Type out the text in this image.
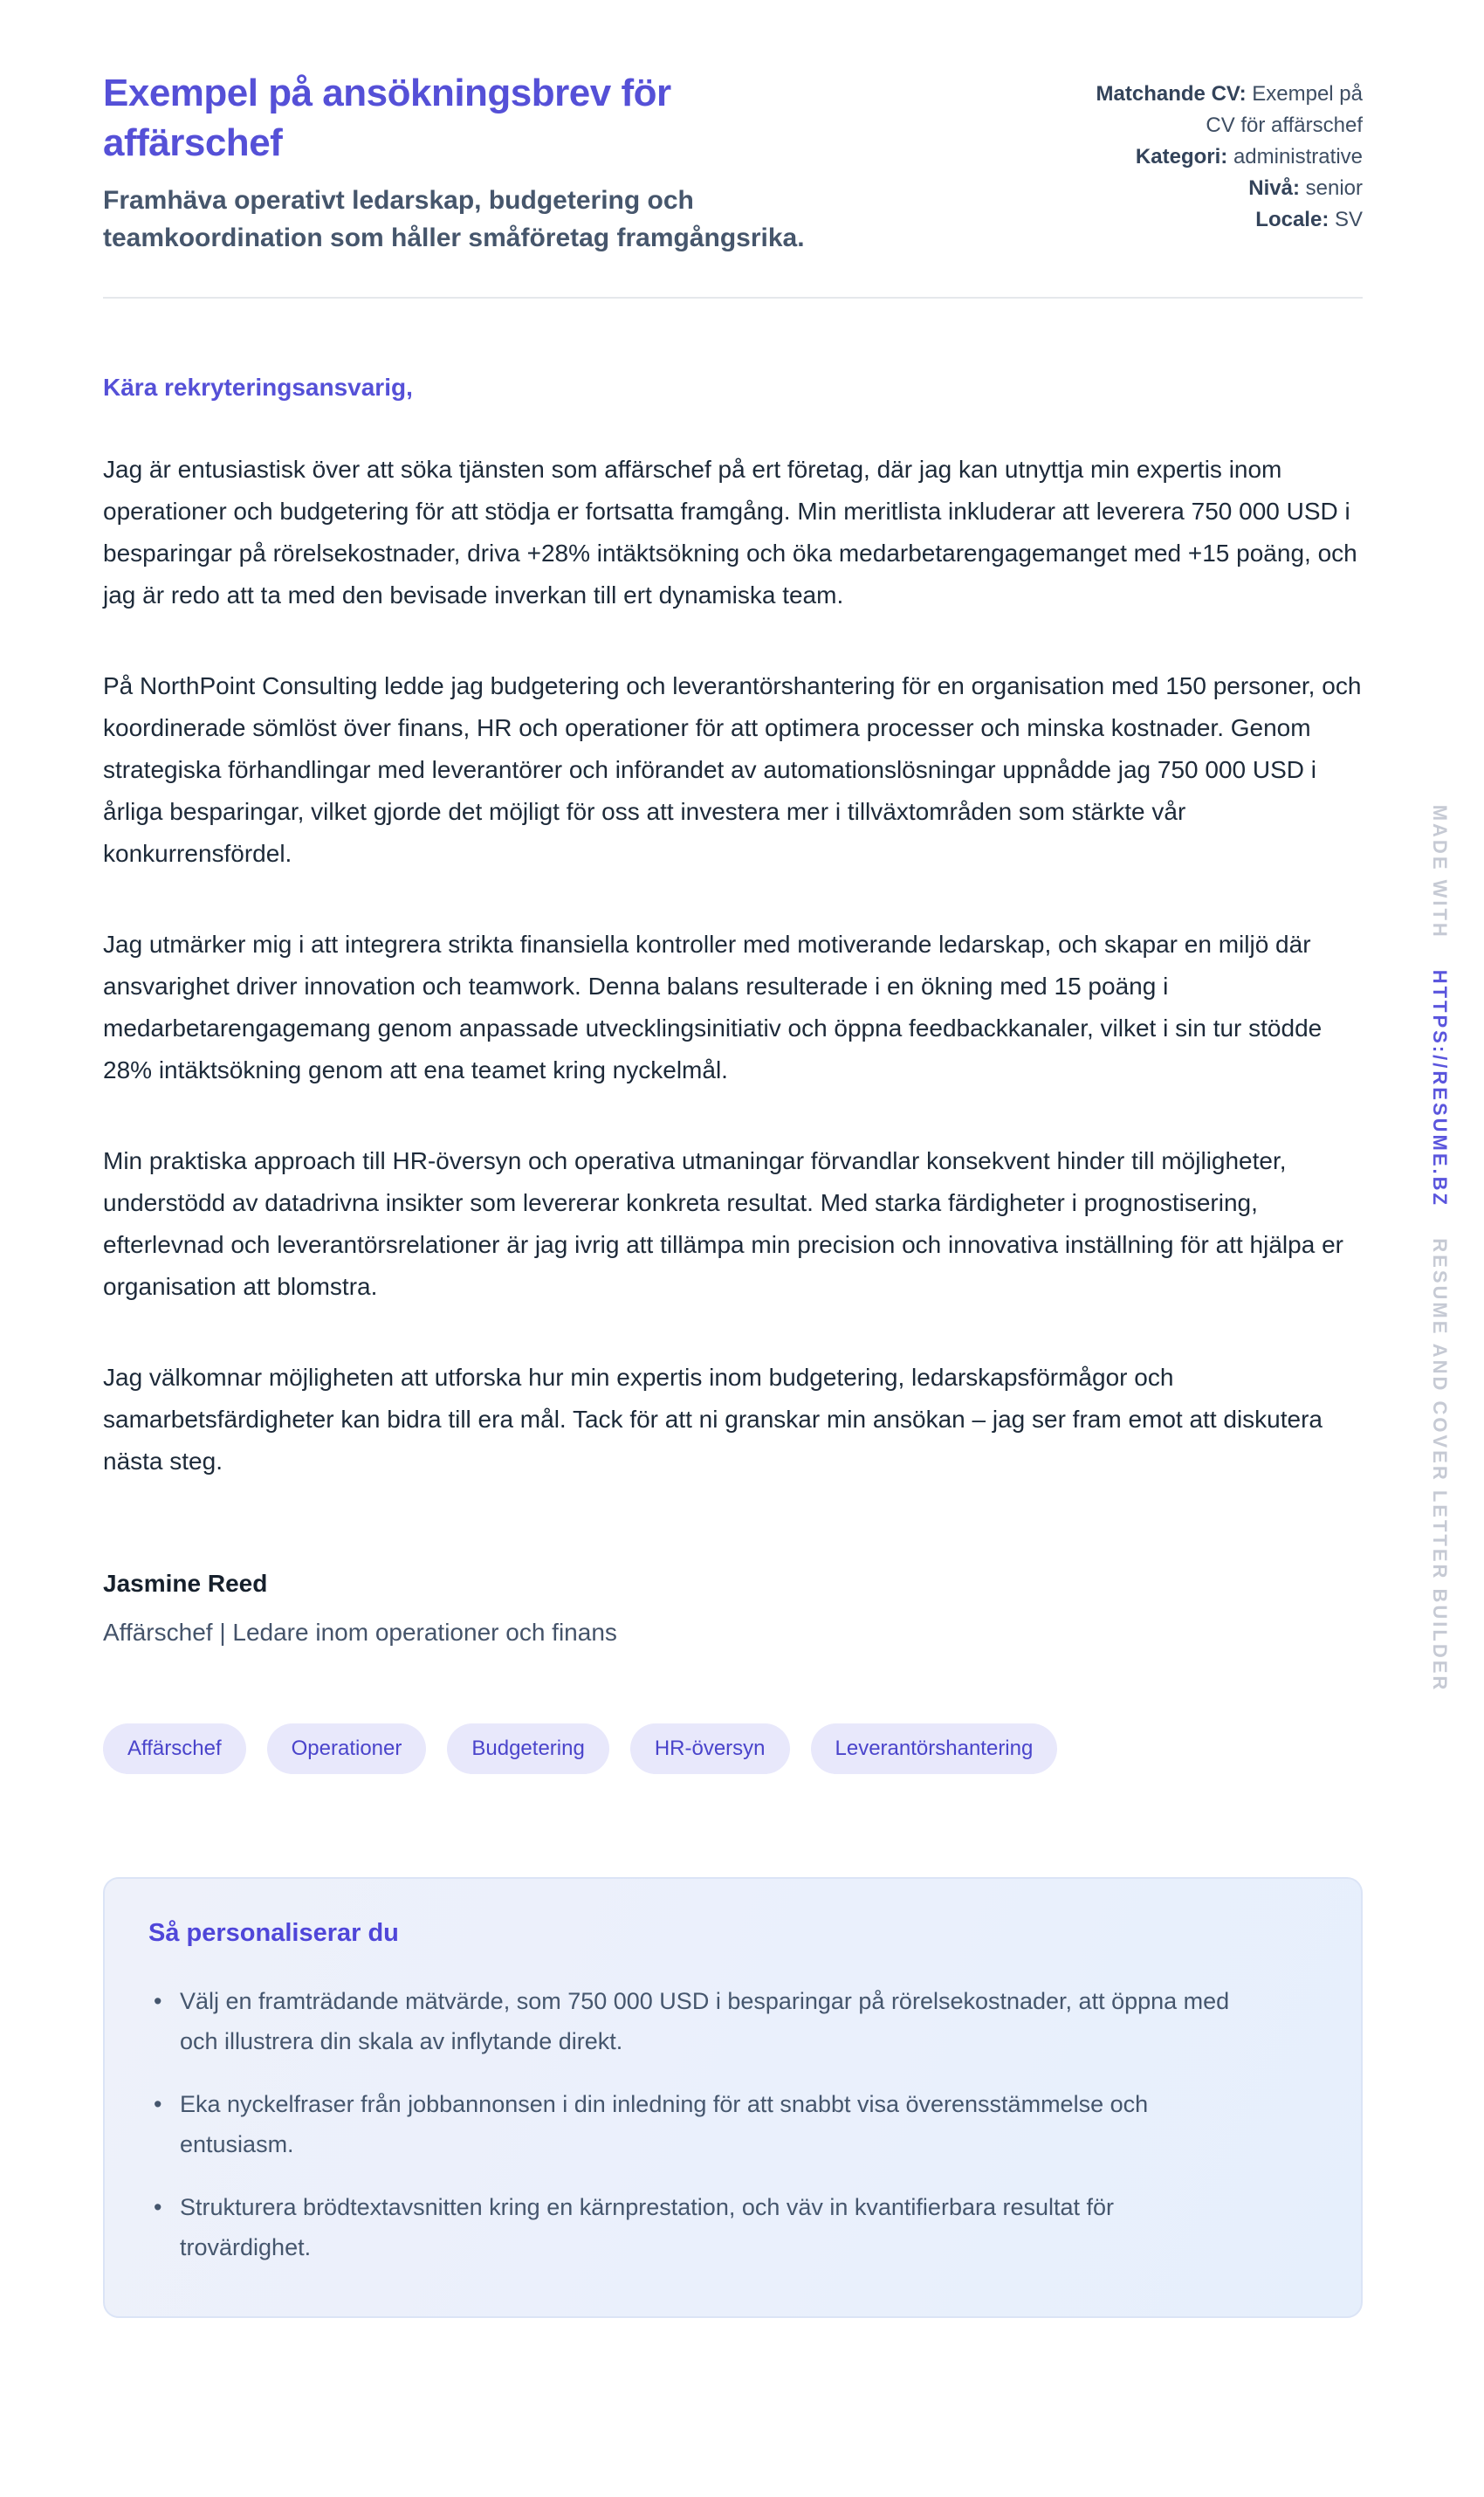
Exempel på ansökningsbrev för affärschef

Framhäva operativt ledarskap, budgetering och teamkoordination som håller småföretag framgångsrika.

Matchande CV: Exempel på CV för affärschef
Kategori: administrative
Nivå: senior
Locale: SV

Kära rekryteringsansvarig,

Jag är entusiastisk över att söka tjänsten som affärschef på ert företag, där jag kan utnyttja min expertis inom operationer och budgetering för att stödja er fortsatta framgång. Min meritlista inkluderar att leverera 750 000 USD i besparingar på rörelsekostnader, driva +28% intäktsökning och öka medarbetarengagemanget med +15 poäng, och jag är redo att ta med den bevisade inverkan till ert dynamiska team.

På NorthPoint Consulting ledde jag budgetering och leverantörshantering för en organisation med 150 personer, och koordinerade sömlöst över finans, HR och operationer för att optimera processer och minska kostnader. Genom strategiska förhandlingar med leverantörer och införandet av automationslösningar uppnådde jag 750 000 USD i årliga besparingar, vilket gjorde det möjligt för oss att investera mer i tillväxtområden som stärkte vår konkurrensfördel.

Jag utmärker mig i att integrera strikta finansiella kontroller med motiverande ledarskap, och skapar en miljö där ansvarighet driver innovation och teamwork. Denna balans resulterade i en ökning med 15 poäng i medarbetarengagemang genom anpassade utvecklingsinitiativ och öppna feedbackkanaler, vilket i sin tur stödde 28% intäktsökning genom att ena teamet kring nyckelmål.

Min praktiska approach till HR-översyn och operativa utmaningar förvandlar konsekvent hinder till möjligheter, understödd av datadrivna insikter som levererar konkreta resultat. Med starka färdigheter i prognostisering, efterlevnad och leverantörsrelationer är jag ivrig att tillämpa min precision och innovativa inställning för att hjälpa er organisation att blomstra.

Jag välkomnar möjligheten att utforska hur min expertis inom budgetering, ledarskapsförmågor och samarbetsfärdigheter kan bidra till era mål. Tack för att ni granskar min ansökan – jag ser fram emot att diskutera nästa steg.

Jasmine Reed

Affärschef | Ledare inom operationer och finans

Affärschef	Operationer	Budgetering	HR-översyn	Leverantörshantering
Så personaliserar du
• Välj en framträdande mätvärde, som 750 000 USD i besparingar på rörelsekostnader, att öppna med och illustrera din skala av inflytande direkt.
• Eka nyckelfraser från jobbannonsen i din inledning för att snabbt visa överensstämmelse och entusiasm.
• Strukturera brödtextavsnitten kring en kärnprestation, och väv in kvantifierbara resultat för trovärdighet.
MADE WITH HTTPS://RESUME.BZ RESUME AND COVER LETTER BUILDER
